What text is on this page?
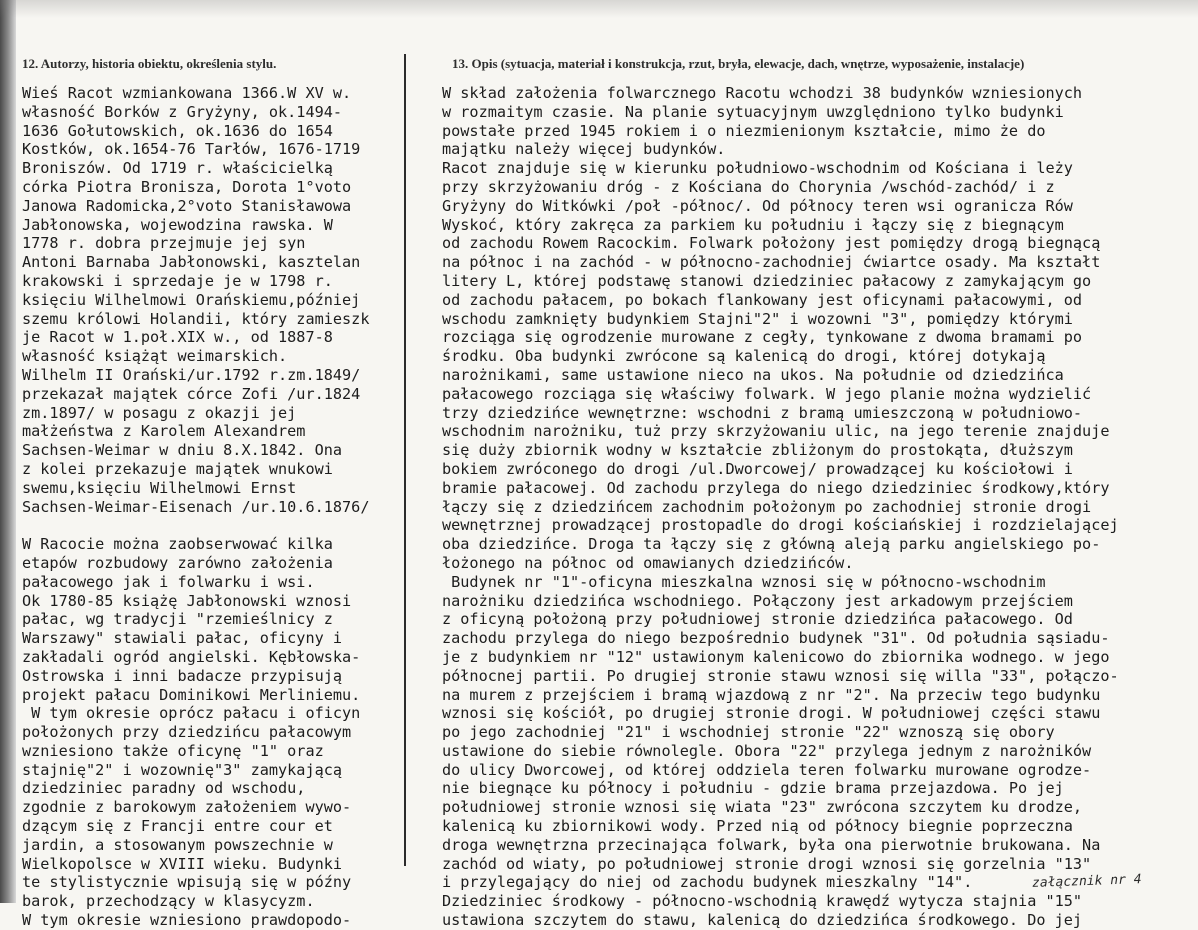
12. Autorzy, historia obiektu, określenia stylu.	13. Opis (sytuacja, materiał i konstrukcja, rzut, bryła, elewacje, dach, wnętrze, wyposażenie, instalacje)
Wieś Racot wzmiankowana 1366.W XV w.
własność Borków z Gryżyny, ok.1494-
1636 Gołutowskich, ok.1636 do 1654
Kostków, ok.1654-76 Tarłów, 1676-1719
Broniszów. Od 1719 r. właścicielką
córka Piotra Bronisza, Dorota 1°voto
Janowa Radomicka,2°voto Stanisławowa
Jabłonowska, wojewodzina rawska. W
1778 r. dobra przejmuje jej syn
Antoni Barnaba Jabłonowski, kasztelan
krakowski i sprzedaje je w 1798 r.
księciu Wilhelmowi Orańskiemu,później
szemu królowi Holandii, który zamieszk
je Racot w 1.poł.XIX w., od 1887-8
własność książąt weimarskich.
Wilhelm II Orański/ur.1792 r.zm.1849/
przekazał majątek córce Zofi /ur.1824
zm.1897/ w posagu z okazji jej
małżeństwa z Karolem Alexandrem
Sachsen-Weimar w dniu 8.X.1842. Ona
z kolei przekazuje majątek wnukowi
swemu,księciu Wilhelmowi Ernst
Sachsen-Weimar-Eisenach /ur.10.6.1876/

W Racocie można zaobserwować kilka
etapów rozbudowy zarówno założenia
pałacowego jak i folwarku i wsi.
Ok 1780-85 książę Jabłonowski wznosi
pałac, wg tradycji "rzemieślnicy z
Warszawy" stawiali pałac, oficyny i
zakładali ogród angielski. Kębłowska-
Ostrowska i inni badacze przypisują
projekt pałacu Dominikowi Merliniemu.
W tym okresie oprócz pałacu i oficyn
położonych przy dziedzińcu pałacowym
wzniesiono także oficynę "1" oraz
stajnię"2" i wozownię"3" zamykającą
dziedziniec paradny od wschodu,
zgodnie z barokowym założeniem wywo-
dzącym się z Francji entre cour et
jardin, a stosowanym powszechnie w
Wielkopolsce w XVIII wieku. Budynki
te stylistycznie wpisują się w późny
barok, przechodzący w klasycyzm.
W tym okresie wzniesiono prawdopodo-
W skład założenia folwarcznego Racotu wchodzi 38 budynków wzniesionych
w rozmaitym czasie. Na planie sytuacyjnym uwzględniono tylko budynki
powstałe przed 1945 rokiem i o niezmienionym kształcie, mimo że do
majątku należy więcej budynków.
Racot znajduje się w kierunku południowo-wschodnim od Kościana i leży
przy skrzyżowaniu dróg - z Kościana do Chorynia /wschód-zachód/ i z
Gryżyny do Witkówki /poł -północ/. Od północy teren wsi ogranicza Rów
Wyskoć, który zakręca za parkiem ku południu i łączy się z biegnącym
od zachodu Rowem Racockim. Folwark położony jest pomiędzy drogą biegnącą
na północ i na zachód - w północno-zachodniej ćwiartce osady. Ma kształt
litery L, której podstawę stanowi dziedziniec pałacowy z zamykającym go
od zachodu pałacem, po bokach flankowany jest oficynami pałacowymi, od
wschodu zamknięty budynkiem Stajni"2" i wozowni "3", pomiędzy którymi
rozciąga się ogrodzenie murowane z cegły, tynkowane z dwoma bramami po
środku. Oba budynki zwrócone są kalenicą do drogi, której dotykają
narożnikami, same ustawione nieco na ukos. Na południe od dziedzińca
pałacowego rozciąga się właściwy folwark. W jego planie można wydzielić
trzy dziedzińce wewnętrzne: wschodni z bramą umieszczoną w południowo-
wschodnim narożniku, tuż przy skrzyżowaniu ulic, na jego terenie znajduje
się duży zbiornik wodny w kształcie zbliżonym do prostokąta, dłuższym
bokiem zwróconego do drogi /ul.Dworcowej/ prowadzącej ku kościołowi i
bramie pałacowej. Od zachodu przylega do niego dziedziniec środkowy,który
łączy się z dziedzińcem zachodnim położonym po zachodniej stronie drogi
wewnętrznej prowadzącej prostopadle do drogi kościańskiej i rozdzielającej
oba dziedzińce. Droga ta łączy się z główną aleją parku angielskiego po-
łożonego na północ od omawianych dziedzińców.
Budynek nr "1"-oficyna mieszkalna wznosi się w północno-wschodnim
narożniku dziedzińca wschodniego. Połączony jest arkadowym przejściem
z oficyną położoną przy południowej stronie dziedzińca pałacowego. Od
zachodu przylega do niego bezpośrednio budynek "31". Od południa sąsiadu-
je z budynkiem nr "12" ustawionym kalenicowo do zbiornika wodnego. w jego
północnej partii. Po drugiej stronie stawu wznosi się willa "33", połączo-
na murem z przejściem i bramą wjazdową z nr "2". Na przeciw tego budynku
wznosi się kościół, po drugiej stronie drogi. W południowej części stawu
po jego zachodniej "21" i wschodniej stronie "22" wznoszą się obory
ustawione do siebie równolegle. Obora "22" przylega jednym z narożników
do ulicy Dworcowej, od której oddziela teren folwarku murowane ogrodze-
nie biegnące ku północy i południu - gdzie brama przejazdowa. Po jej
południowej stronie wznosi się wiata "23" zwrócona szczytem ku drodze,
kalenicą ku zbiornikowi wody. Przed nią od północy biegnie poprzeczna
droga wewnętrzna przecinająca folwark, była ona pierwotnie brukowana. Na
zachód od wiaty, po południowej stronie drogi wznosi się gorzelnia "13"
i przylegający do niej od zachodu budynek mieszkalny "14".
Dziedziniec środkowy - północno-wschodnią krawędź wytycza stajnia "15"
ustawiona szczytem do stawu, kalenicą do dziedzińca środkowego. Do jej
załącznik nr 4
